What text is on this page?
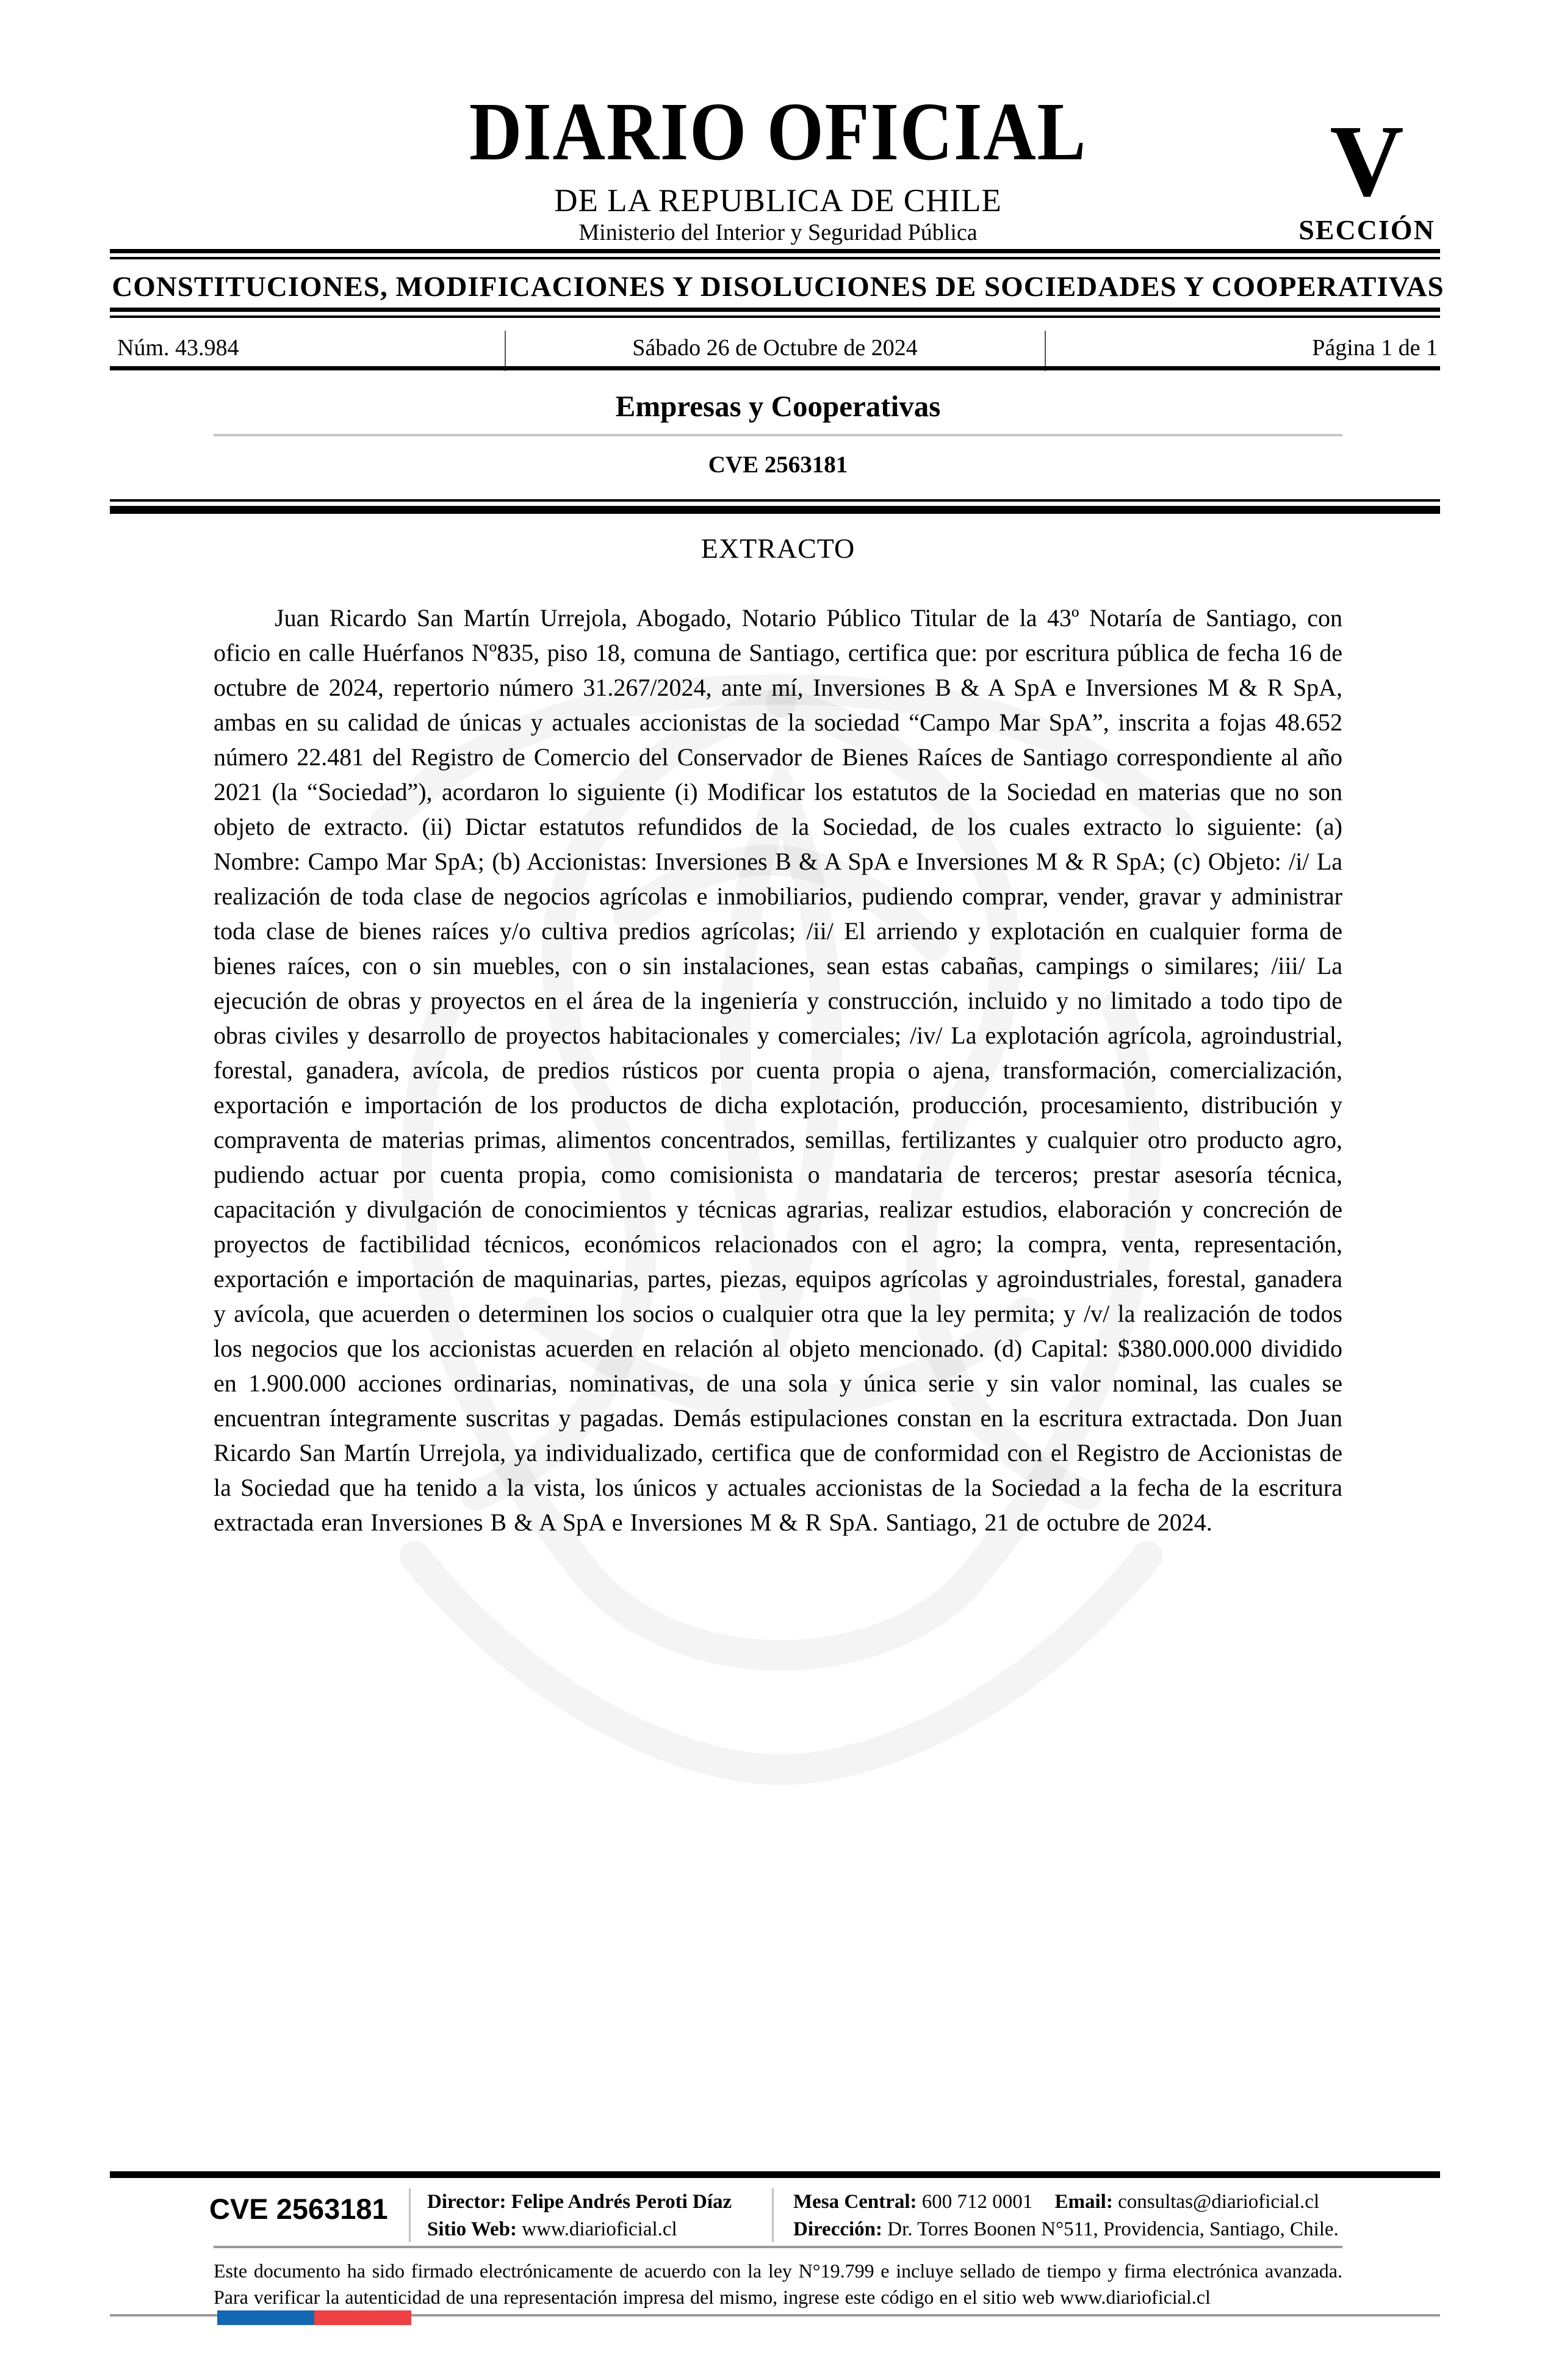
DIARIO OFICIAL
DE LA REPUBLICA DE CHILE
Ministerio del Interior y Seguridad Pública
V
SECCIÓN
CONSTITUCIONES, MODIFICACIONES Y DISOLUCIONES DE SOCIEDADES Y COOPERATIVAS
Núm. 43.984	Sábado 26 de Octubre de 2024	Página 1 de 1
Empresas y Cooperativas
CVE 2563181
EXTRACTO
Juan Ricardo San Martín Urrejola, Abogado, Notario Público Titular de la 43º Notaría de Santiago, con oficio en calle Huérfanos Nº835, piso 18, comuna de Santiago, certifica que: por escritura pública de fecha 16 de octubre de 2024, repertorio número 31.267/2024, ante mí, Inversiones B & A SpA e Inversiones M & R SpA, ambas en su calidad de únicas y actuales accionistas de la sociedad “Campo Mar SpA”, inscrita a fojas 48.652 número 22.481 del Registro de Comercio del Conservador de Bienes Raíces de Santiago correspondiente al año 2021 (la “Sociedad”), acordaron lo siguiente (i) Modificar los estatutos de la Sociedad en materias que no son objeto de extracto. (ii) Dictar estatutos refundidos de la Sociedad, de los cuales extracto lo siguiente: (a) Nombre: Campo Mar SpA; (b) Accionistas: Inversiones B & A SpA e Inversiones M & R SpA; (c) Objeto: /i/ La realización de toda clase de negocios agrícolas e inmobiliarios, pudiendo comprar, vender, gravar y administrar toda clase de bienes raíces y/o cultiva predios agrícolas; /ii/ El arriendo y explotación en cualquier forma de bienes raíces, con o sin muebles, con o sin instalaciones, sean estas cabañas, campings o similares; /iii/ La ejecución de obras y proyectos en el área de la ingeniería y construcción, incluido y no limitado a todo tipo de obras civiles y desarrollo de proyectos habitacionales y comerciales; /iv/ La explotación agrícola, agroindustrial, forestal, ganadera, avícola, de predios rústicos por cuenta propia o ajena, transformación, comercialización, exportación e importación de los productos de dicha explotación, producción, procesamiento, distribución y compraventa de materias primas, alimentos concentrados, semillas, fertilizantes y cualquier otro producto agro, pudiendo actuar por cuenta propia, como comisionista o mandataria de terceros; prestar asesoría técnica, capacitación y divulgación de conocimientos y técnicas agrarias, realizar estudios, elaboración y concreción de proyectos de factibilidad técnicos, económicos relacionados con el agro; la compra, venta, representación, exportación e importación de maquinarias, partes, piezas, equipos agrícolas y agroindustriales, forestal, ganadera y avícola, que acuerden o determinen los socios o cualquier otra que la ley permita; y /v/ la realización de todos los negocios que los accionistas acuerden en relación al objeto mencionado. (d) Capital: $380.000.000 dividido en 1.900.000 acciones ordinarias, nominativas, de una sola y única serie y sin valor nominal, las cuales se encuentran íntegramente suscritas y pagadas. Demás estipulaciones constan en la escritura extractada. Don Juan Ricardo San Martín Urrejola, ya individualizado, certifica que de conformidad con el Registro de Accionistas de la Sociedad que ha tenido a la vista, los únicos y actuales accionistas de la Sociedad a la fecha de la escritura extractada eran Inversiones B & A SpA e Inversiones M & R SpA. Santiago, 21 de octubre de 2024.
CVE 2563181 Director: Felipe Andrés Peroti Díaz
Sitio Web: www.diarioficial.cl
Mesa Central: 600 712 0001 Email: consultas@diarioficial.cl
Dirección: Dr. Torres Boonen N°511, Providencia, Santiago, Chile.
Este documento ha sido firmado electrónicamente de acuerdo con la ley N°19.799 e incluye sellado de tiempo y firma electrónica avanzada. Para verificar la autenticidad de una representación impresa del mismo, ingrese este código en el sitio web www.diarioficial.cl
